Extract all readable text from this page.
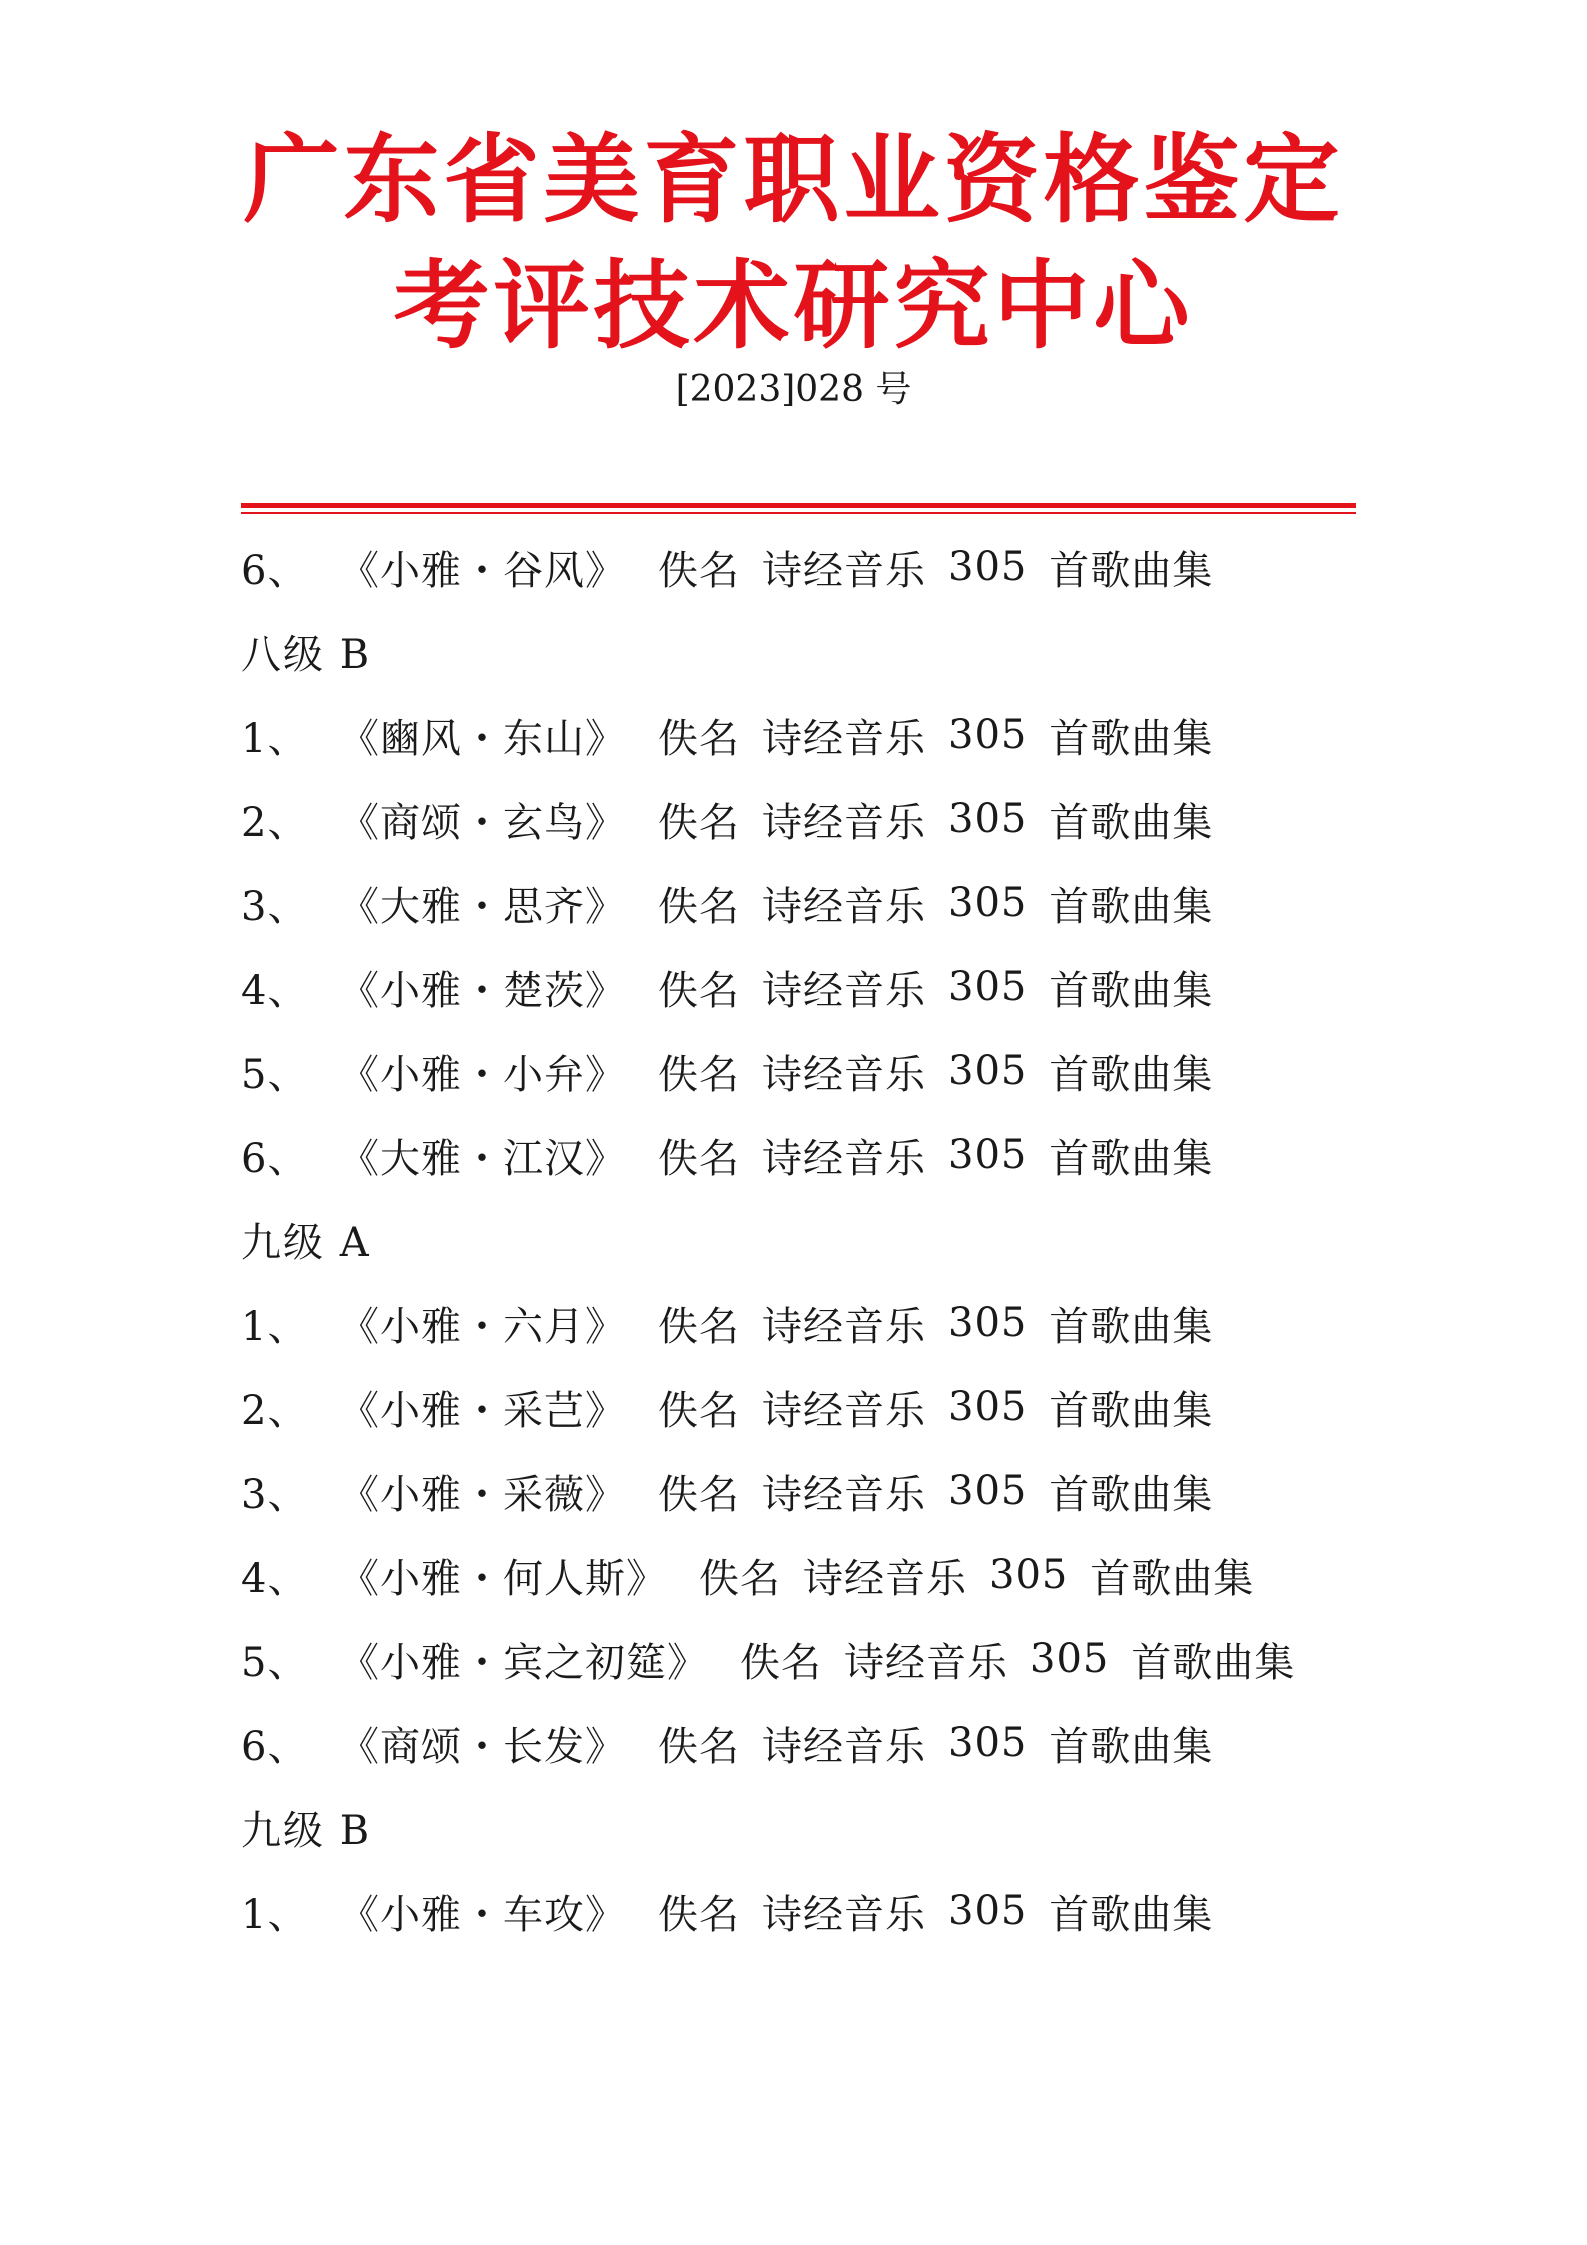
广东省美育职业资格鉴定
考评技术研究中心
[2023]028 号
6、 《小雅・谷风》 佚名 诗经音乐 305 首歌曲集
八级 B
1、 《豳风・东山》 佚名 诗经音乐 305 首歌曲集
2、 《商颂・玄鸟》 佚名 诗经音乐 305 首歌曲集
3、 《大雅・思齐》 佚名 诗经音乐 305 首歌曲集
4、 《小雅・楚茨》 佚名 诗经音乐 305 首歌曲集
5、 《小雅・小弁》 佚名 诗经音乐 305 首歌曲集
6、 《大雅・江汉》 佚名 诗经音乐 305 首歌曲集
九级 A
1、 《小雅・六月》 佚名 诗经音乐 305 首歌曲集
2、 《小雅・采芑》 佚名 诗经音乐 305 首歌曲集
3、 《小雅・采薇》 佚名 诗经音乐 305 首歌曲集
4、 《小雅・何人斯》 佚名 诗经音乐 305 首歌曲集
5、 《小雅・宾之初筵》 佚名 诗经音乐 305 首歌曲集
6、 《商颂・长发》 佚名 诗经音乐 305 首歌曲集
九级 B
1、 《小雅・车攻》 佚名 诗经音乐 305 首歌曲集
